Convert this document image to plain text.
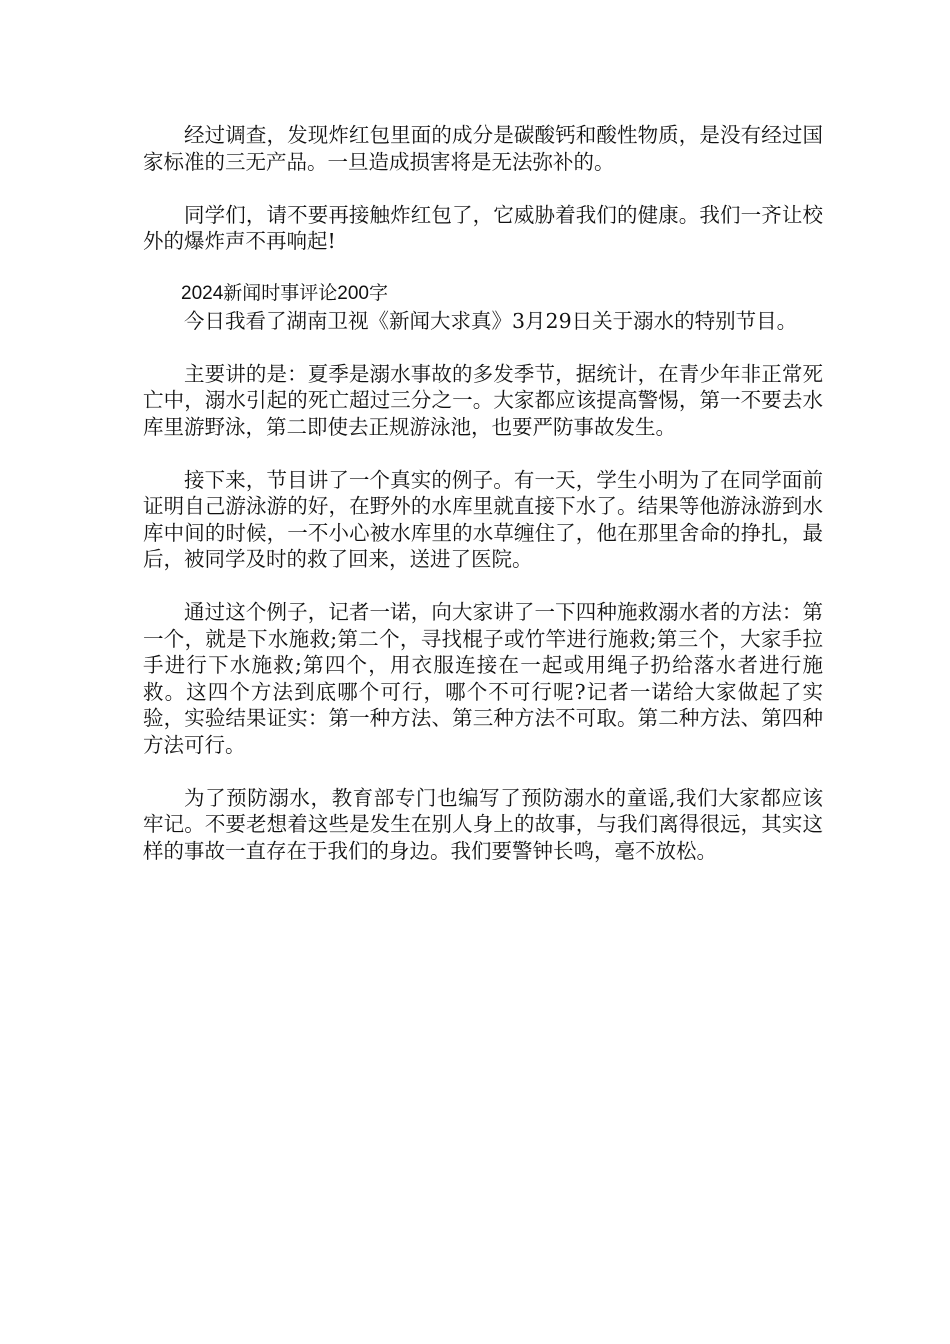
经过调查，发现炸红包里面的成分是碳酸钙和酸性物质，是没有经过国家标准的三无产品。一旦造成损害将是无法弥补的。

同学们，请不要再接触炸红包了，它威胁着我们的健康。我们一齐让校外的爆炸声不再响起!

2024新闻时事评论200字

今日我看了湖南卫视《新闻大求真》3月29日关于溺水的特别节目。

主要讲的是：夏季是溺水事故的多发季节，据统计，在青少年非正常死亡中，溺水引起的死亡超过三分之一。大家都应该提高警惕，第一不要去水库里游野泳，第二即使去正规游泳池，也要严防事故发生。

接下来，节目讲了一个真实的例子。有一天，学生小明为了在同学面前证明自己游泳游的好，在野外的水库里就直接下水了。结果等他游泳游到水库中间的时候，一不小心被水库里的水草缠住了，他在那里舍命的挣扎，最后，被同学及时的救了回来，送进了医院。

通过这个例子，记者一诺，向大家讲了一下四种施救溺水者的方法：第一个，就是下水施救;第二个，寻找棍子或竹竿进行施救;第三个，大家手拉手进行下水施救;第四个，用衣服连接在一起或用绳子扔给落水者进行施救。这四个方法到底哪个可行，哪个不可行呢?记者一诺给大家做起了实验，实验结果证实：第一种方法、第三种方法不可取。第二种方法、第四种方法可行。

为了预防溺水，教育部专门也编写了预防溺水的童谣,我们大家都应该牢记。不要老想着这些是发生在别人身上的故事，与我们离得很远，其实这样的事故一直存在于我们的身边。我们要警钟长鸣，毫不放松。
